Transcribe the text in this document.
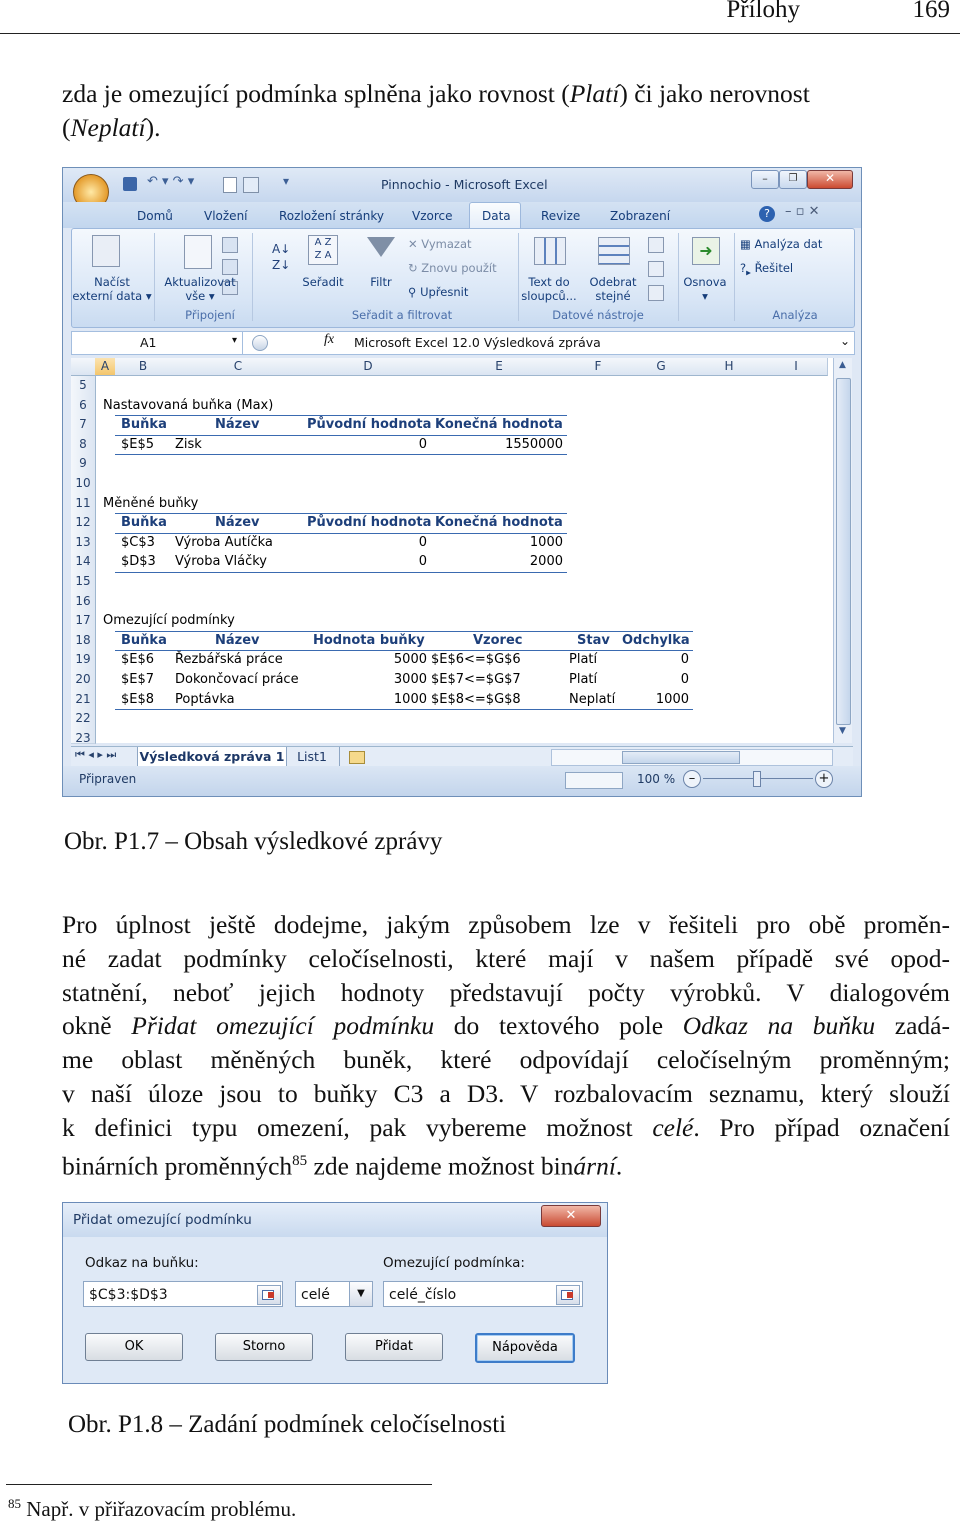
Přílohy	169
zda je omezující podmínka splněna jako rovnost (Platí) či jako nerovnost
(Neplatí).
↶ ▾ ↷ ▾	▾	Pinnochio - Microsoft Excel	–	❐	✕
Domů	Vložení	Rozložení stránky Vzorce Data	Revize Zobrazení	?	– ▫ ✕
Načíst
externí data ▾
Aktualizovat
vše ▾
Připojení
A↓
Z↓
A Z
Z A
Seřadit	Filtr
✕ Vymazat
↻ Znovu použít
⚲ Upřesnit
Seřadit a filtrovat
Text do
sloupců...
Odebrat
stejné
Datové nástroje
➜
Osnova
▾
▦ Analýza dat
$?_▸$ Řešitel
Analýza
A1	▾	fx Microsoft Excel 12.0 Výsledková zpráva	⌄
A	B	C	D	E	F	G	H	I	▲
▼
5
6
7
8
9
10
11
12
13
14
15
16
17
18
19
20
21
22
23
Nastavovaná buňka (Max)
Buňka	Název	Původní hodnota Konečná hodnota
$E$5 Zisk	0	1550000
Měněné buňky
Buňka	Název	Původní hodnota Konečná hodnota
$C$3 Výroba Autíčka	0	1000
$D$3 Výroba Vláčky	0	2000
Omezující podmínky
Buňka	Název	Hodnota buňky	Vzorec	Stav Odchylka
$E$6 Řezbářská práce	5000 $E$6<=$G$6	Platí	0
$E$7 Dokončovací práce	3000 $E$7<=$G$7	Platí	0
$E$8 Poptávka	1000 $E$8<=$G$8	Neplatí	1000
⏮ ◂ ▸ ⏭ Výsledková zpráva 1	List1
Připraven	100 %	–	+
Obr. P1.7 – Obsah výsledkové zprávy
Pro úplnost ještě dodejme, jakým způsobem lze v řešiteli pro obě proměn-
né zadat podmínky celočíselnosti, které mají v našem případě své opod-
statnění, neboť jejich hodnoty představují počty výrobků. V dialogovém
okně Přidat omezující podmínku do textového pole Odkaz na buňku zadá-
me oblast měněných buněk, které odpovídají celočíselným proměnným;
v naší úloze jsou to buňky C3 a D3. V rozbalovacím seznamu, který slouží
k definici typu omezení, pak vybereme možnost celé. Pro případ označení
binárních proměnných$^{85}$ zde najdeme možnost binární.
Přidat omezující podmínku	✕
Odkaz na buňku:
$C$3:$D$3	celé	▼
Omezující podmínka:
celé_číslo
OK	Storno	Přidat	Nápověda
Obr. P1.8 – Zadání podmínek celočíselnosti
$^{85}$ Např. v přiřazovacím problému.
